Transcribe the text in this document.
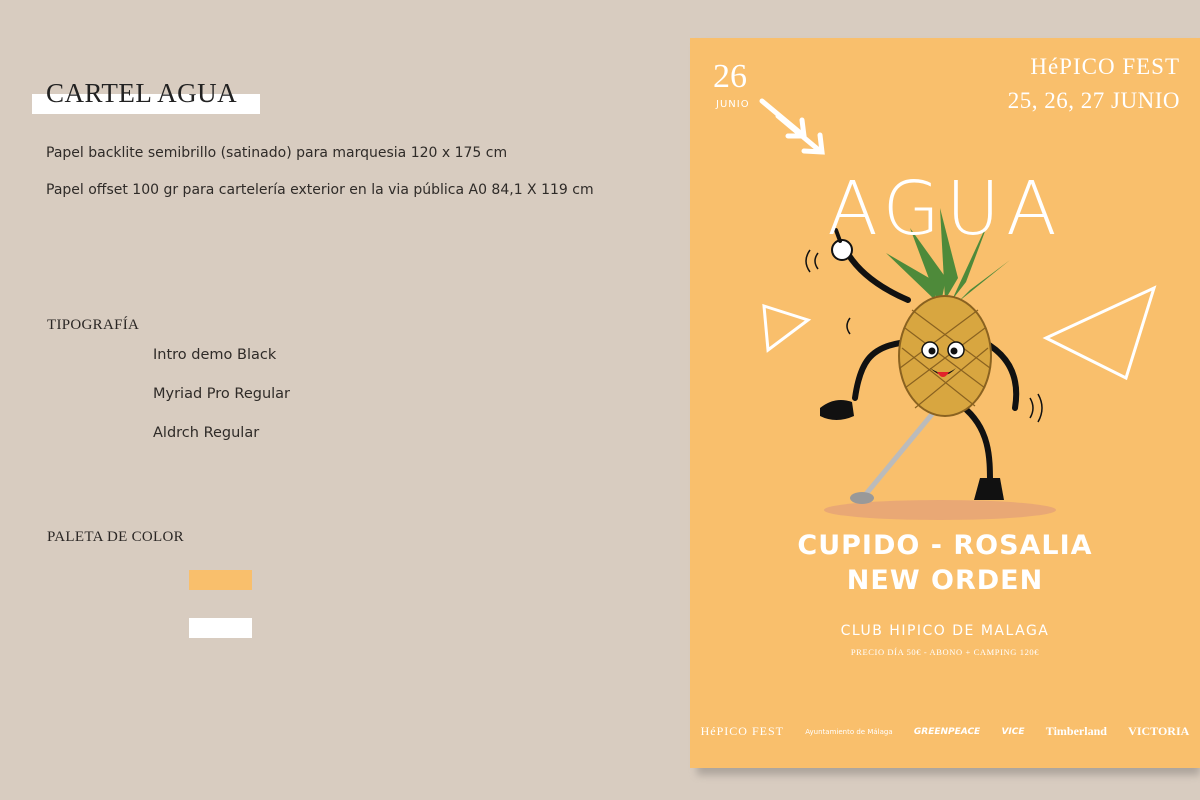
CARTEL AGUA
Papel backlite semibrillo (satinado) para marquesia 120 x 175 cm
Papel offset 100 gr para cartelería exterior en la via pública A0 84,1 X 119 cm
TIPOGRAFÍA
Intro demo Black
Myriad Pro Regular
Aldrch Regular
PALETA DE COLOR
26
JUNIO
HéPICO FEST
25, 26, 27 JUNIO
AGUA
CUPIDO - ROSALIA
NEW ORDEN
CLUB HIPICO DE MALAGA
PRECIO DÍA 50€ - ABONO + CAMPING 120€
HéPICO FEST	Ayuntamiento de Málaga GREENPEACE VICE Timberland VICTORIA
